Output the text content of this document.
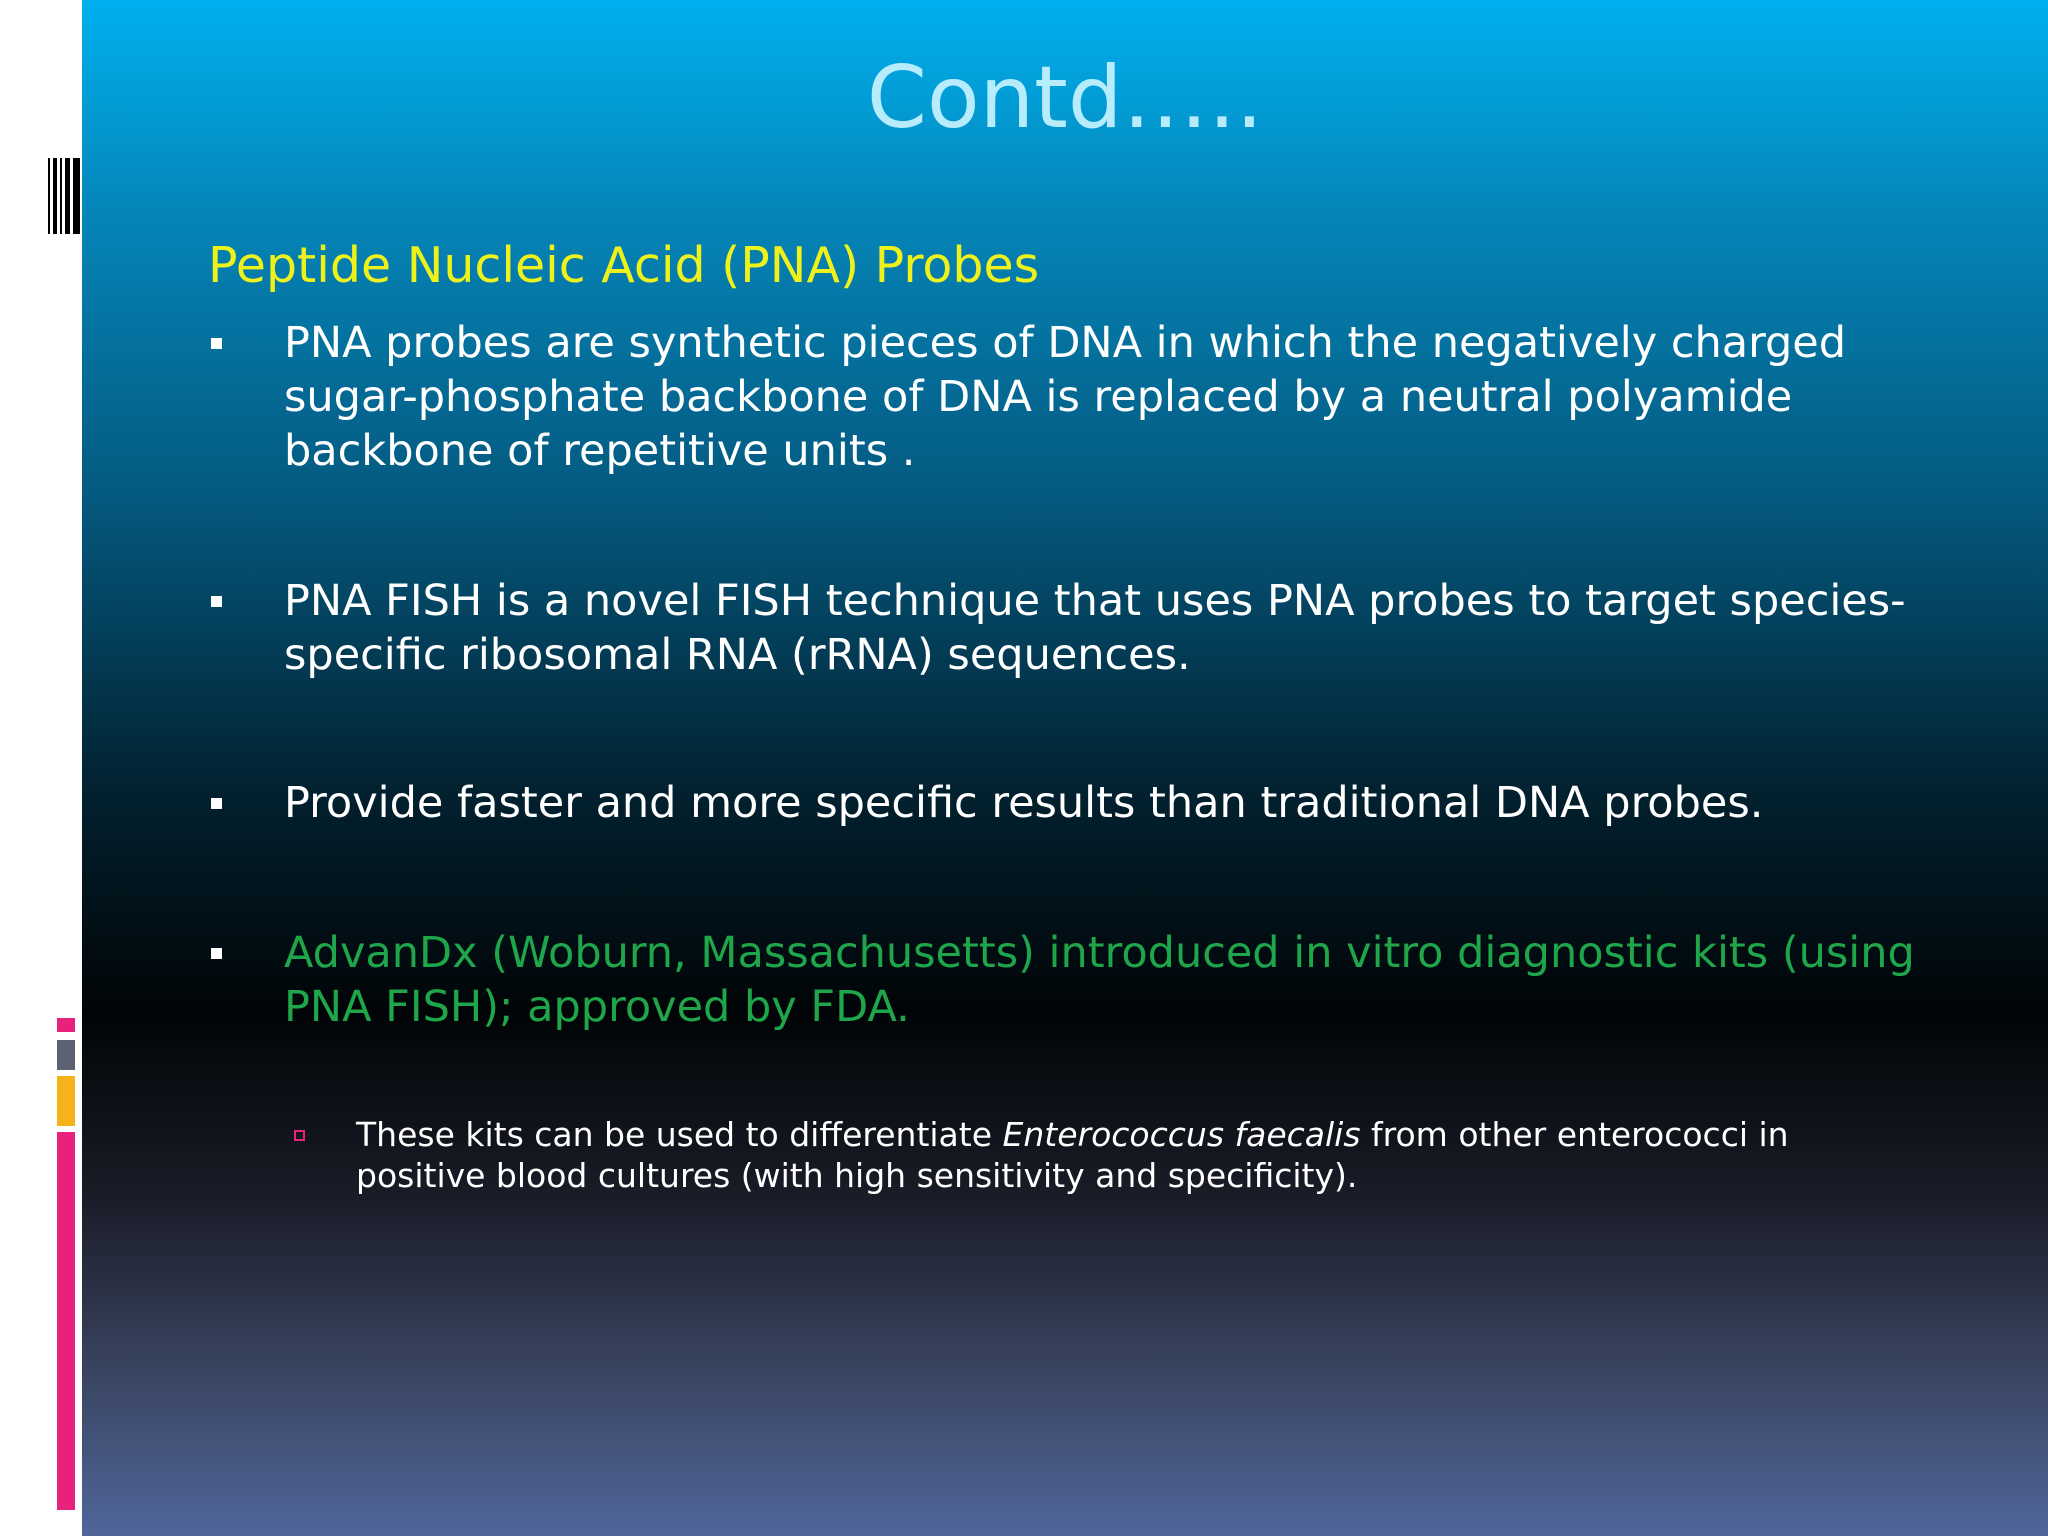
Contd…..

Peptide Nucleic Acid (PNA) Probes

PNA probes are synthetic pieces of DNA in which the negatively charged sugar-phosphate backbone of DNA is replaced by a neutral polyamide backbone of repetitive units .
PNA FISH is a novel FISH technique that uses PNA probes to target species-specific ribosomal RNA (rRNA) sequences.
Provide faster and more specific results than traditional DNA probes.
AdvanDx (Woburn, Massachusetts) introduced in vitro diagnostic kits (using PNA FISH); approved by FDA.
These kits can be used to differentiate Enterococcus faecalis from other enterococci in positive blood cultures (with high sensitivity and specificity).
